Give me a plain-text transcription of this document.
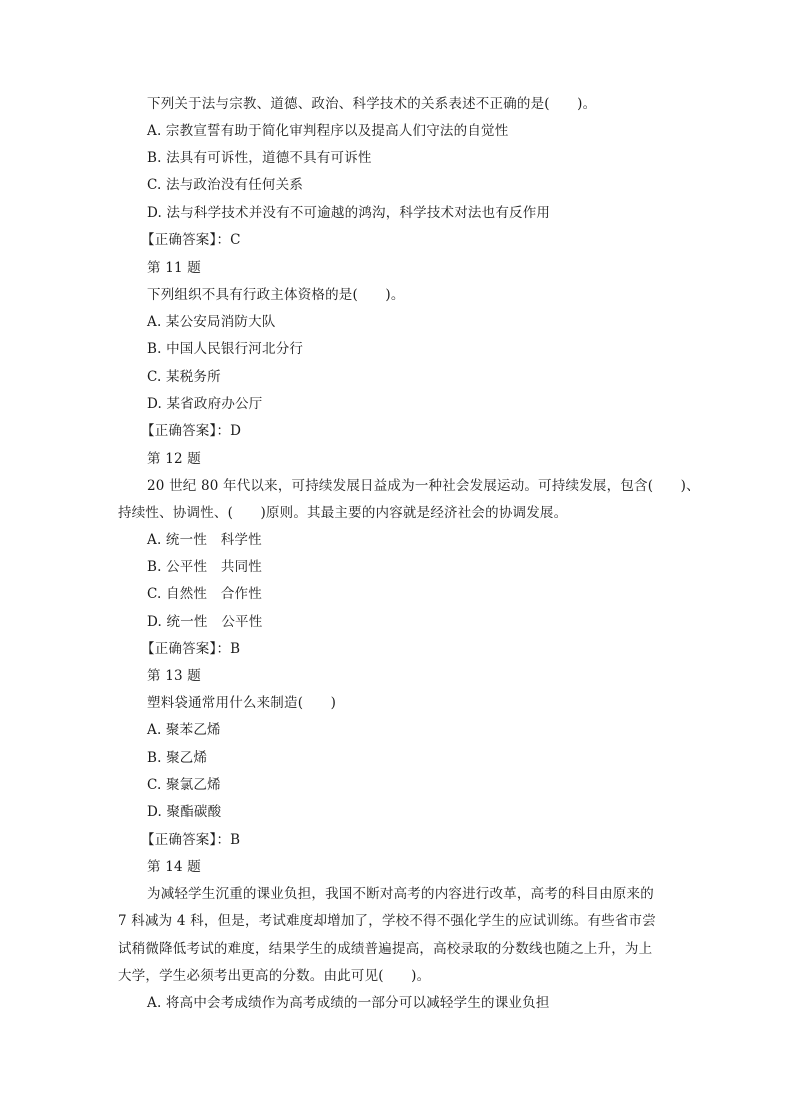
下列关于法与宗教、道德、政治、科学技术的关系表述不正确的是(　　)。
A. 宗教宣誓有助于简化审判程序以及提高人们守法的自觉性
B. 法具有可诉性，道德不具有可诉性
C. 法与政治没有任何关系
D. 法与科学技术并没有不可逾越的鸿沟，科学技术对法也有反作用
【正确答案】：C
第 11 题
下列组织不具有行政主体资格的是(　　)。
A. 某公安局消防大队
B. 中国人民银行河北分行
C. 某税务所
D. 某省政府办公厅
【正确答案】：D
第 12 题
20 世纪 80 年代以来，可持续发展日益成为一种社会发展运动。可持续发展，包含(　　)、
持续性、协调性、(　　)原则。其最主要的内容就是经济社会的协调发展。
A. 统一性　科学性
B. 公平性　共同性
C. 自然性　合作性
D. 统一性　公平性
【正确答案】：B
第 13 题
塑料袋通常用什么来制造(　　)
A. 聚苯乙烯
B. 聚乙烯
C. 聚氯乙烯
D. 聚酯碳酸
【正确答案】：B
第 14 题
为减轻学生沉重的课业负担，我国不断对高考的内容进行改革，高考的科目由原来的
7 科减为 4 科，但是，考试难度却增加了，学校不得不强化学生的应试训练。有些省市尝
试稍微降低考试的难度，结果学生的成绩普遍提高，高校录取的分数线也随之上升，为上
大学，学生必须考出更高的分数。由此可见(　　)。
A. 将高中会考成绩作为高考成绩的一部分可以减轻学生的课业负担
